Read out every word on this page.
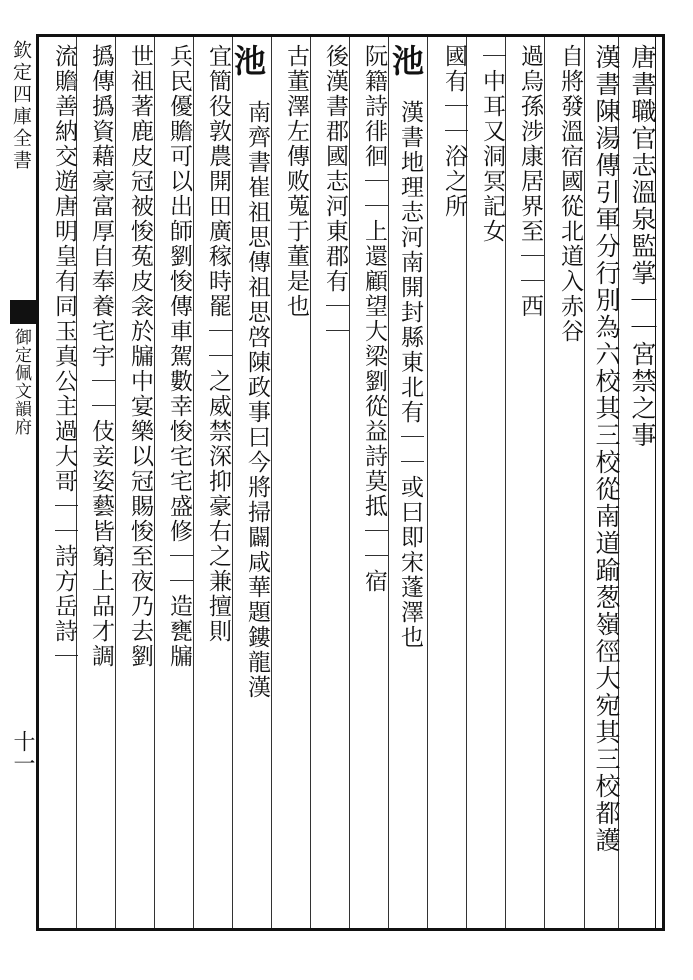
欽定四庫全書
御定佩文韻府
十一
唐書職官志溫泉監掌｜｜宮禁之事
漢書陳湯傳引軍分行別為六校其三校從南道踰葱嶺徑大宛其三校都護
自將發溫宿國從北道入赤谷
過烏孫涉康居界至｜｜西
｜中耳又洞冥記女
國有｜｜浴之所
池
漢書地理志河南開封縣東北有｜｜或曰即宋蓬澤也
阮籍詩徘徊｜｜上還顧望大梁劉從益詩莫抵｜｜宿
後漢書郡國志河東郡有｜｜
古董澤左傳败蒐于董是也
池
南齊書崔祖思傳祖思啓陳政事曰今將掃闢咸華題鏤龍漢
宜簡役敦農開田廣稼時罷｜｜之威禁深抑豪右之兼擅則
兵民優贍可以出師劉悛傳車駕數幸悛宅宅盛修｜｜造甕牖
世祖著鹿皮冠被悛菟皮衾於牖中宴樂以冠賜悛至夜乃去劉
撝傳撝資藉豪富厚自奉養宅宇｜｜伎妾姿藝皆窮上品才調
流贍善納交遊唐明皇有同玉真公主過大哥｜｜詩方岳詩｜
